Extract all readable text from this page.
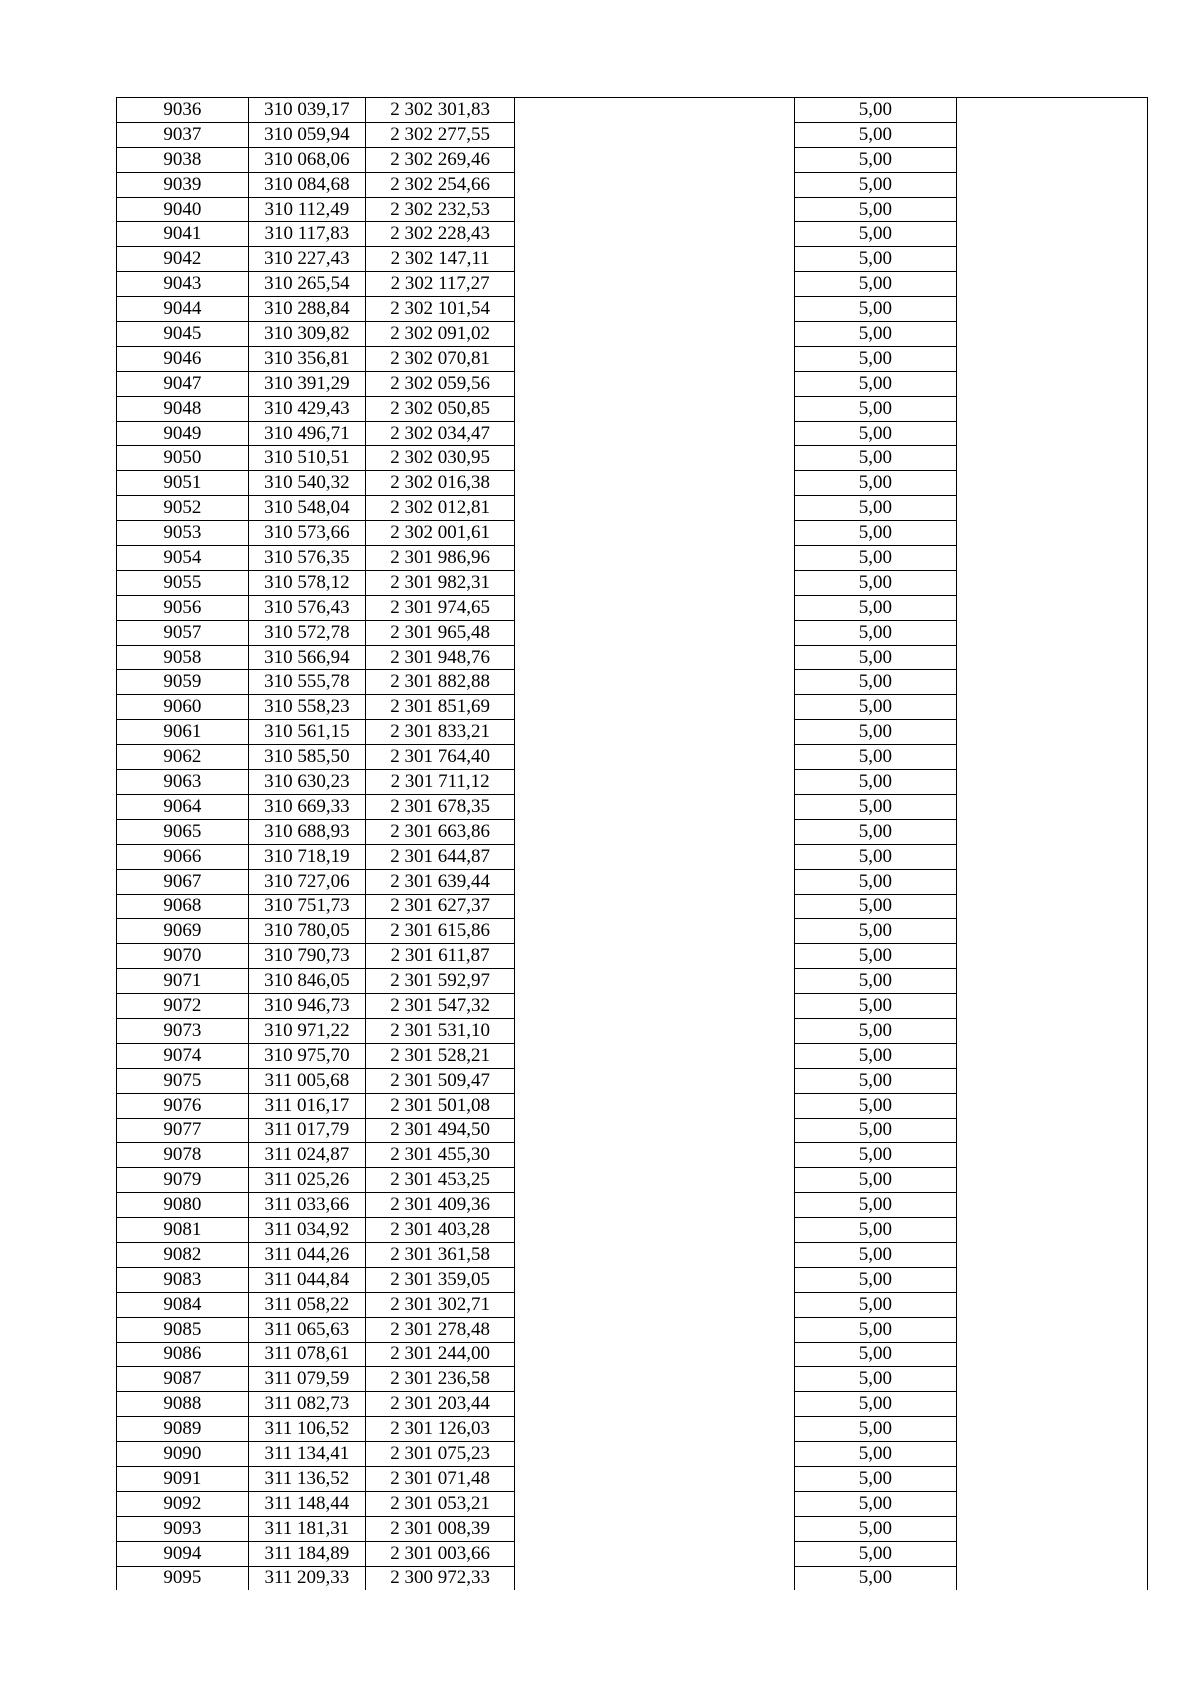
9036	310 039,17	2 302 301,83		5,00	
9037	310 059,94	2 302 277,55		5,00	
9038	310 068,06	2 302 269,46		5,00	
9039	310 084,68	2 302 254,66		5,00	
9040	310 112,49	2 302 232,53		5,00	
9041	310 117,83	2 302 228,43		5,00	
9042	310 227,43	2 302 147,11		5,00	
9043	310 265,54	2 302 117,27		5,00	
9044	310 288,84	2 302 101,54		5,00	
9045	310 309,82	2 302 091,02		5,00	
9046	310 356,81	2 302 070,81		5,00	
9047	310 391,29	2 302 059,56		5,00	
9048	310 429,43	2 302 050,85		5,00	
9049	310 496,71	2 302 034,47		5,00	
9050	310 510,51	2 302 030,95		5,00	
9051	310 540,32	2 302 016,38		5,00	
9052	310 548,04	2 302 012,81		5,00	
9053	310 573,66	2 302 001,61		5,00	
9054	310 576,35	2 301 986,96		5,00	
9055	310 578,12	2 301 982,31		5,00	
9056	310 576,43	2 301 974,65		5,00	
9057	310 572,78	2 301 965,48		5,00	
9058	310 566,94	2 301 948,76		5,00	
9059	310 555,78	2 301 882,88		5,00	
9060	310 558,23	2 301 851,69		5,00	
9061	310 561,15	2 301 833,21		5,00	
9062	310 585,50	2 301 764,40		5,00	
9063	310 630,23	2 301 711,12		5,00	
9064	310 669,33	2 301 678,35		5,00	
9065	310 688,93	2 301 663,86		5,00	
9066	310 718,19	2 301 644,87		5,00	
9067	310 727,06	2 301 639,44		5,00	
9068	310 751,73	2 301 627,37		5,00	
9069	310 780,05	2 301 615,86		5,00	
9070	310 790,73	2 301 611,87		5,00	
9071	310 846,05	2 301 592,97		5,00	
9072	310 946,73	2 301 547,32		5,00	
9073	310 971,22	2 301 531,10		5,00	
9074	310 975,70	2 301 528,21		5,00	
9075	311 005,68	2 301 509,47		5,00	
9076	311 016,17	2 301 501,08		5,00	
9077	311 017,79	2 301 494,50		5,00	
9078	311 024,87	2 301 455,30		5,00	
9079	311 025,26	2 301 453,25		5,00	
9080	311 033,66	2 301 409,36		5,00	
9081	311 034,92	2 301 403,28		5,00	
9082	311 044,26	2 301 361,58		5,00	
9083	311 044,84	2 301 359,05		5,00	
9084	311 058,22	2 301 302,71		5,00	
9085	311 065,63	2 301 278,48		5,00	
9086	311 078,61	2 301 244,00		5,00	
9087	311 079,59	2 301 236,58		5,00	
9088	311 082,73	2 301 203,44		5,00	
9089	311 106,52	2 301 126,03		5,00	
9090	311 134,41	2 301 075,23		5,00	
9091	311 136,52	2 301 071,48		5,00	
9092	311 148,44	2 301 053,21		5,00	
9093	311 181,31	2 301 008,39		5,00	
9094	311 184,89	2 301 003,66		5,00	
9095	311 209,33	2 300 972,33		5,00	
